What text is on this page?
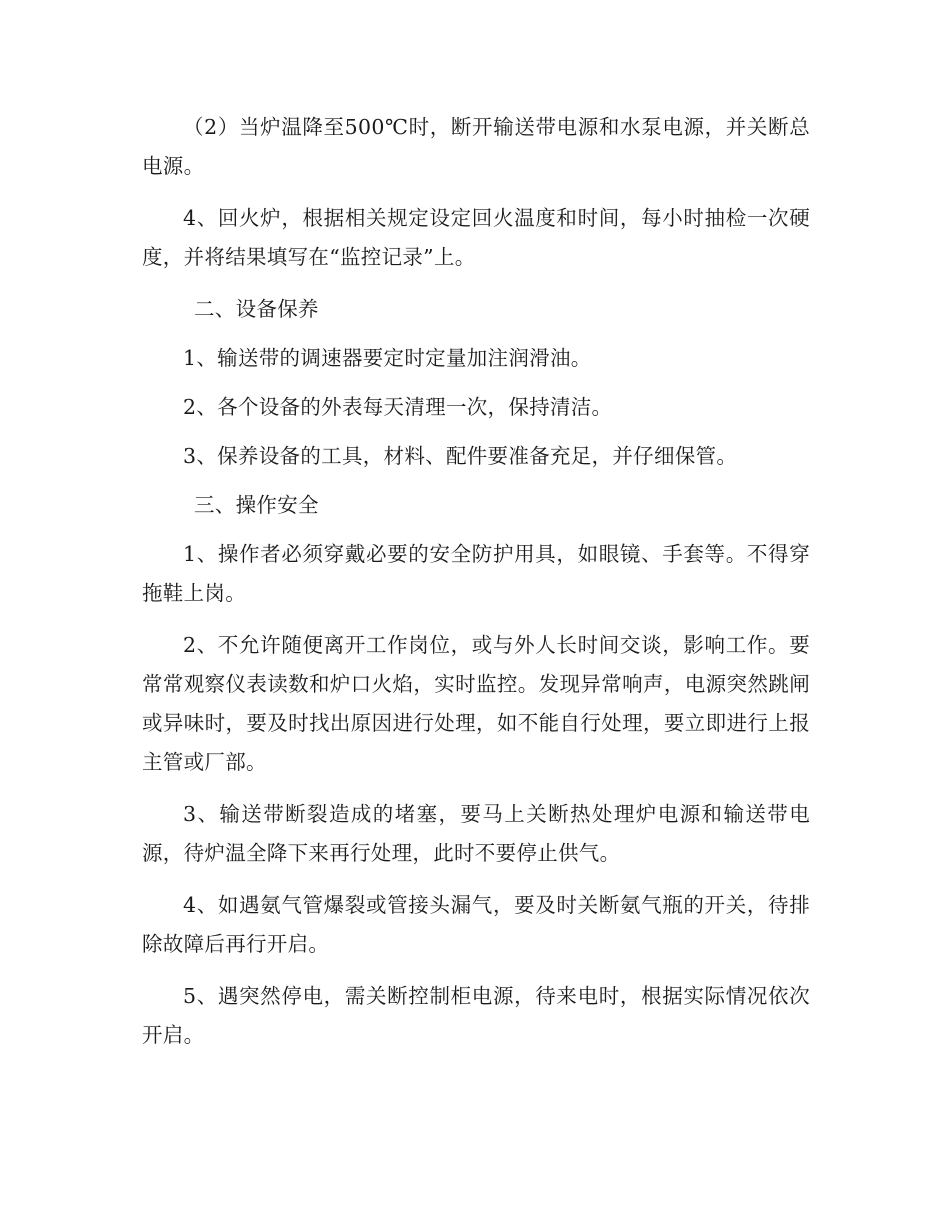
（2）当炉温降至500℃时，断开输送带电源和水泵电源，并关断总电源。

4、回火炉，根据相关规定设定回火温度和时间，每小时抽检一次硬度，并将结果填写在“监控记录”上。

二、设备保养

1、输送带的调速器要定时定量加注润滑油。

2、各个设备的外表每天清理一次，保持清洁。

3、保养设备的工具，材料、配件要准备充足，并仔细保管。

三、操作安全

1、操作者必须穿戴必要的安全防护用具，如眼镜、手套等。不得穿拖鞋上岗。

2、不允许随便离开工作岗位，或与外人长时间交谈，影响工作。要常常观察仪表读数和炉口火焰，实时监控。发现异常响声，电源突然跳闸或异味时，要及时找出原因进行处理，如不能自行处理，要立即进行上报主管或厂部。

3、输送带断裂造成的堵塞，要马上关断热处理炉电源和输送带电源，待炉温全降下来再行处理，此时不要停止供气。

4、如遇氨气管爆裂或管接头漏气，要及时关断氨气瓶的开关，待排除故障后再行开启。

5、遇突然停电，需关断控制柜电源，待来电时，根据实际情况依次开启。
